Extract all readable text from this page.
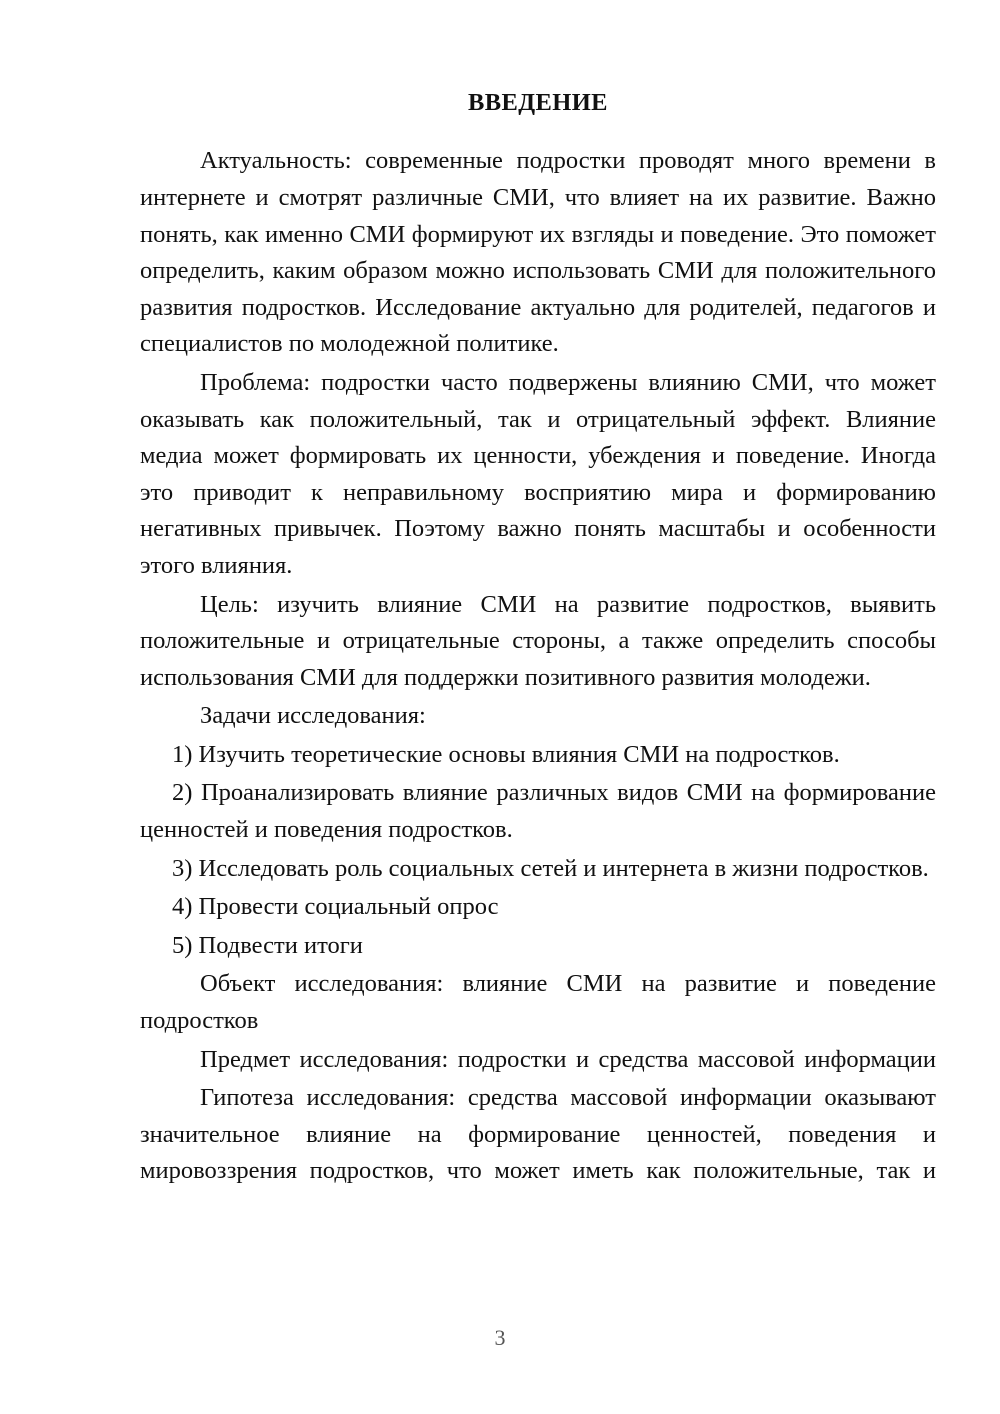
ВВЕДЕНИЕ

Актуальность: современные подростки проводят много времени в интернете и смотрят различные СМИ, что влияет на их развитие. Важно понять, как именно СМИ формируют их взгляды и поведение. Это поможет определить, каким образом можно использовать СМИ для положительного развития подростков. Исследование актуально для родителей, педагогов и специалистов по молодежной политике.

Проблема: подростки часто подвержены влиянию СМИ, что может оказывать как положительный, так и отрицательный эффект. Влияние медиа может формировать их ценности, убеждения и поведение. Иногда это приводит к неправильному восприятию мира и формированию негативных привычек. Поэтому важно понять масштабы и особенности этого влияния.

Цель: изучить влияние СМИ на развитие подростков, выявить положительные и отрицательные стороны, а также определить способы использования СМИ для поддержки позитивного развития молодежи.

Задачи исследования:

1) Изучить теоретические основы влияния СМИ на подростков.

2) Проанализировать влияние различных видов СМИ на формирование ценностей и поведения подростков.

3) Исследовать роль социальных сетей и интернета в жизни подростков.

4) Провести социальный опрос

5) Подвести итоги

Объект исследования: влияние СМИ на развитие и поведение подростков

Предмет исследования: подростки и средства массовой информации

Гипотеза исследования: средства массовой информации оказывают значительное влияние на формирование ценностей, поведения и мировоззрения подростков, что может иметь как положительные, так и

3
